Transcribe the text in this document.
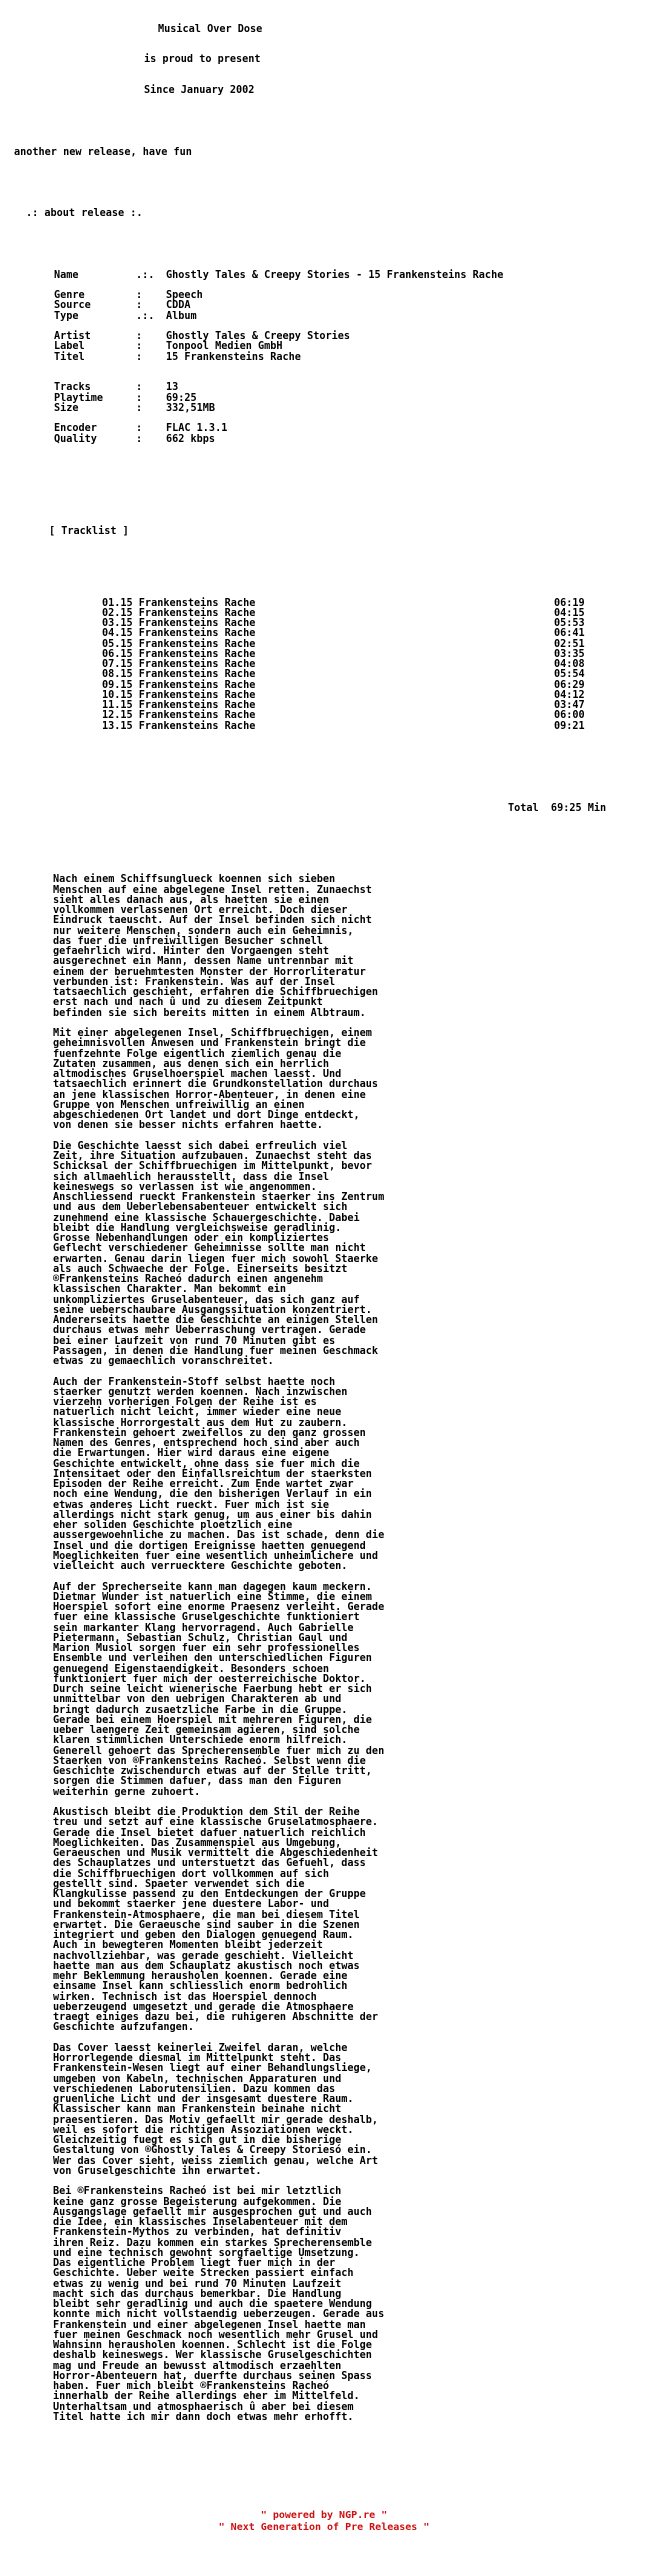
Musical Over Dose

is proud to present

Since January 2002

another new release, have fun

.: about release :.

Name	.:.	Ghostly Tales & Creepy Stories - 15 Frankensteins Rache
Genre	:	Speech
Source	:	CDDA
Type	.:.	Album
Artist	:	Ghostly Tales & Creepy Stories
Label	:	Tonpool Medien GmbH
Titel	:	15 Frankensteins Rache
Tracks	:	13
Playtime	:	69:25
Size	:	332,51MB
Encoder	:	FLAC 1.3.1
Quality	:	662 kbps

[ Tracklist ]

01.15 Frankensteins Rache	06:19
02.15 Frankensteins Rache	04:15
03.15 Frankensteins Rache	05:53
04.15 Frankensteins Rache	06:41
05.15 Frankensteins Rache	02:51
06.15 Frankensteins Rache	03:35
07.15 Frankensteins Rache	04:08
08.15 Frankensteins Rache	05:54
09.15 Frankensteins Rache	06:29
10.15 Frankensteins Rache	04:12
11.15 Frankensteins Rache	03:47
12.15 Frankensteins Rache	06:00
13.15 Frankensteins Rache	09:21

Total  69:25 Min

Nach einem Schiffsunglueck koennen sich sieben
Menschen auf eine abgelegene Insel retten. Zunaechst
sieht alles danach aus, als haetten sie einen
vollkommen verlassenen Ort erreicht. Doch dieser
Eindruck taeuscht. Auf der Insel befinden sich nicht
nur weitere Menschen, sondern auch ein Geheimnis,
das fuer die unfreiwilligen Besucher schnell
gefaehrlich wird. Hinter den Vorgaengen steht
ausgerechnet ein Mann, dessen Name untrennbar mit
einem der beruehmtesten Monster der Horrorliteratur
verbunden ist: Frankenstein. Was auf der Insel
tatsaechlich geschieht, erfahren die Schiffbruechigen
erst nach und nach û und zu diesem Zeitpunkt
befinden sie sich bereits mitten in einem Albtraum.
Mit einer abgelegenen Insel, Schiffbruechigen, einem
geheimnisvollen Anwesen und Frankenstein bringt die
fuenfzehnte Folge eigentlich ziemlich genau die
Zutaten zusammen, aus denen sich ein herrlich
altmodisches Gruselhoerspiel machen laesst. Und
tatsaechlich erinnert die Grundkonstellation durchaus
an jene klassischen Horror-Abenteuer, in denen eine
Gruppe von Menschen unfreiwillig an einen
abgeschiedenen Ort landet und dort Dinge entdeckt,
von denen sie besser nichts erfahren haette.
Die Geschichte laesst sich dabei erfreulich viel
Zeit, ihre Situation aufzubauen. Zunaechst steht das
Schicksal der Schiffbruechigen im Mittelpunkt, bevor
sich allmaehlich herausstellt, dass die Insel
keineswegs so verlassen ist wie angenommen.
Anschliessend rueckt Frankenstein staerker ins Zentrum
und aus dem Ueberlebensabenteuer entwickelt sich
zunehmend eine klassische Schauergeschichte. Dabei
bleibt die Handlung vergleichsweise geradlinig.
Grosse Nebenhandlungen oder ein kompliziertes
Geflecht verschiedener Geheimnisse sollte man nicht
erwarten. Genau darin liegen fuer mich sowohl Staerke
als auch Schwaeche der Folge. Einerseits besitzt
®Frankensteins Racheó dadurch einen angenehm
klassischen Charakter. Man bekommt ein
unkompliziertes Gruselabenteuer, das sich ganz auf
seine ueberschaubare Ausgangssituation konzentriert.
Andererseits haette die Geschichte an einigen Stellen
durchaus etwas mehr Ueberraschung vertragen. Gerade
bei einer Laufzeit von rund 70 Minuten gibt es
Passagen, in denen die Handlung fuer meinen Geschmack
etwas zu gemaechlich voranschreitet.
Auch der Frankenstein-Stoff selbst haette noch
staerker genutzt werden koennen. Nach inzwischen
vierzehn vorherigen Folgen der Reihe ist es
natuerlich nicht leicht, immer wieder eine neue
klassische Horrorgestalt aus dem Hut zu zaubern.
Frankenstein gehoert zweifellos zu den ganz grossen
Namen des Genres, entsprechend hoch sind aber auch
die Erwartungen. Hier wird daraus eine eigene
Geschichte entwickelt, ohne dass sie fuer mich die
Intensitaet oder den Einfallsreichtum der staerksten
Episoden der Reihe erreicht. Zum Ende wartet zwar
noch eine Wendung, die den bisherigen Verlauf in ein
etwas anderes Licht rueckt. Fuer mich ist sie
allerdings nicht stark genug, um aus einer bis dahin
eher soliden Geschichte ploetzlich eine
aussergewoehnliche zu machen. Das ist schade, denn die
Insel und die dortigen Ereignisse haetten genuegend
Moeglichkeiten fuer eine wesentlich unheimlichere und
vielleicht auch verruecktere Geschichte geboten.
Auf der Sprecherseite kann man dagegen kaum meckern.
Dietmar Wunder ist natuerlich eine Stimme, die einem
Hoerspiel sofort eine enorme Praesenz verleiht. Gerade
fuer eine klassische Gruselgeschichte funktioniert
sein markanter Klang hervorragend. Auch Gabrielle
Pietermann, Sebastian Schulz, Christian Gaul und
Marion Musiol sorgen fuer ein sehr professionelles
Ensemble und verleihen den unterschiedlichen Figuren
genuegend Eigenstaendigkeit. Besonders schoen
funktioniert fuer mich der oesterreichische Doktor.
Durch seine leicht wienerische Faerbung hebt er sich
unmittelbar von den uebrigen Charakteren ab und
bringt dadurch zusaetzliche Farbe in die Gruppe.
Gerade bei einem Hoerspiel mit mehreren Figuren, die
ueber laengere Zeit gemeinsam agieren, sind solche
klaren stimmlichen Unterschiede enorm hilfreich.
Generell gehoert das Sprecherensemble fuer mich zu den
Staerken von ®Frankensteins Racheó. Selbst wenn die
Geschichte zwischendurch etwas auf der Stelle tritt,
sorgen die Stimmen dafuer, dass man den Figuren
weiterhin gerne zuhoert.
Akustisch bleibt die Produktion dem Stil der Reihe
treu und setzt auf eine klassische Gruselatmosphaere.
Gerade die Insel bietet dafuer natuerlich reichlich
Moeglichkeiten. Das Zusammenspiel aus Umgebung,
Geraeuschen und Musik vermittelt die Abgeschiedenheit
des Schauplatzes und unterstuetzt das Gefuehl, dass
die Schiffbruechigen dort vollkommen auf sich
gestellt sind. Spaeter verwendet sich die
Klangkulisse passend zu den Entdeckungen der Gruppe
und bekommt staerker jene duestere Labor- und
Frankenstein-Atmosphaere, die man bei diesem Titel
erwartet. Die Geraeusche sind sauber in die Szenen
integriert und geben den Dialogen genuegend Raum.
Auch in bewegteren Momenten bleibt jederzeit
nachvollziehbar, was gerade geschieht. Vielleicht
haette man aus dem Schauplatz akustisch noch etwas
mehr Beklemmung herausholen koennen. Gerade eine
einsame Insel kann schliesslich enorm bedrohlich
wirken. Technisch ist das Hoerspiel dennoch
ueberzeugend umgesetzt und gerade die Atmosphaere
traegt einiges dazu bei, die ruhigeren Abschnitte der
Geschichte aufzufangen.
Das Cover laesst keinerlei Zweifel daran, welche
Horrorlegende diesmal im Mittelpunkt steht. Das
Frankenstein-Wesen liegt auf einer Behandlungsliege,
umgeben von Kabeln, technischen Apparaturen und
verschiedenen Laborutensilien. Dazu kommen das
gruenliche Licht und der insgesamt duestere Raum.
Klassischer kann man Frankenstein beinahe nicht
praesentieren. Das Motiv gefaellt mir gerade deshalb,
weil es sofort die richtigen Assoziationen weckt.
Gleichzeitig fuegt es sich gut in die bisherige
Gestaltung von ®Ghostly Tales & Creepy Storiesó ein.
Wer das Cover sieht, weiss ziemlich genau, welche Art
von Gruselgeschichte ihn erwartet.
Bei ®Frankensteins Racheó ist bei mir letztlich
keine ganz grosse Begeisterung aufgekommen. Die
Ausgangslage gefaellt mir ausgesprochen gut und auch
die Idee, ein klassisches Inselabenteuer mit dem
Frankenstein-Mythos zu verbinden, hat definitiv
ihren Reiz. Dazu kommen ein starkes Sprecherensemble
und eine technisch gewohnt sorgfaeltige Umsetzung.
Das eigentliche Problem liegt fuer mich in der
Geschichte. Ueber weite Strecken passiert einfach
etwas zu wenig und bei rund 70 Minuten Laufzeit
macht sich das durchaus bemerkbar. Die Handlung
bleibt sehr geradlinig und auch die spaetere Wendung
konnte mich nicht vollstaendig ueberzeugen. Gerade aus
Frankenstein und einer abgelegenen Insel haette man
fuer meinen Geschmack noch wesentlich mehr Grusel und
Wahnsinn herausholen koennen. Schlecht ist die Folge
deshalb keineswegs. Wer klassische Gruselgeschichten
mag und Freude an bewusst altmodisch erzaehlten
Horror-Abenteuern hat, duerfte durchaus seinen Spass
haben. Fuer mich bleibt ®Frankensteins Racheó
innerhalb der Reihe allerdings eher im Mittelfeld.
Unterhaltsam und atmosphaerisch û aber bei diesem
Titel hatte ich mir dann doch etwas mehr erhofft.

" powered by NGP.re "
" Next Generation of Pre Releases "
